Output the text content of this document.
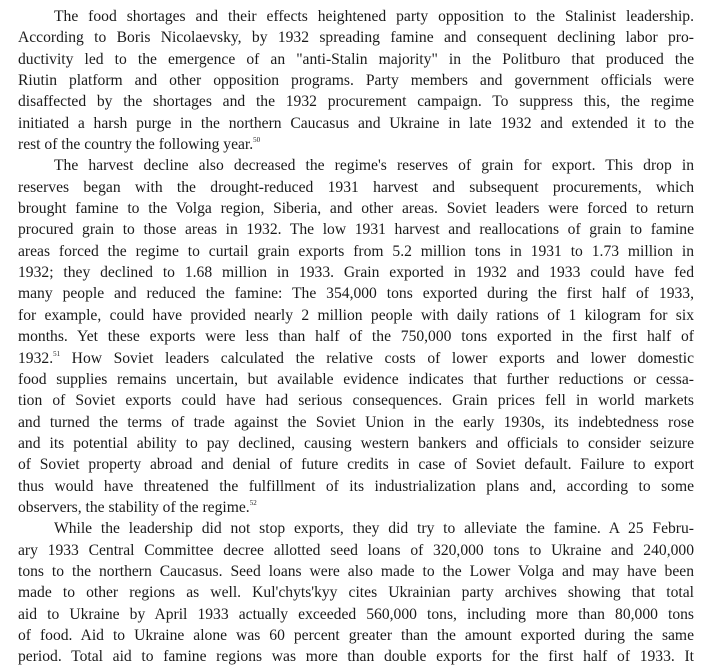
The food shortages and their effects heightened party opposition to the Stalinist leadership.
According to Boris Nicolaevsky, by 1932 spreading famine and consequent declining labor pro-
ductivity led to the emergence of an "anti-Stalin majority" in the Politburo that produced the
Riutin platform and other opposition programs. Party members and government officials were
disaffected by the shortages and the 1932 procurement campaign. To suppress this, the regime
initiated a harsh purge in the northern Caucasus and Ukraine in late 1932 and extended it to the
rest of the country the following year.$^{50}$
The harvest decline also decreased the regime's reserves of grain for export. This drop in
reserves began with the drought-reduced 1931 harvest and subsequent procurements, which
brought famine to the Volga region, Siberia, and other areas. Soviet leaders were forced to return
procured grain to those areas in 1932. The low 1931 harvest and reallocations of grain to famine
areas forced the regime to curtail grain exports from 5.2 million tons in 1931 to 1.73 million in
1932; they declined to 1.68 million in 1933. Grain exported in 1932 and 1933 could have fed
many people and reduced the famine: The 354,000 tons exported during the first half of 1933,
for example, could have provided nearly 2 million people with daily rations of 1 kilogram for six
months. Yet these exports were less than half of the 750,000 tons exported in the first half of
1932.51 How Soviet leaders calculated the relative costs of lower exports and lower domestic
food supplies remains uncertain, but available evidence indicates that further reductions or cessa-
tion of Soviet exports could have had serious consequences. Grain prices fell in world markets
and turned the terms of trade against the Soviet Union in the early 1930s, its indebtedness rose
and its potential ability to pay declined, causing western bankers and officials to consider seizure
of Soviet property abroad and denial of future credits in case of Soviet default. Failure to export
thus would have threatened the fulfillment of its industrialization plans and, according to some
observers, the stability of the regime.$^{52}$
While the leadership did not stop exports, they did try to alleviate the famine. A 25 Febru-
ary 1933 Central Committee decree allotted seed loans of 320,000 tons to Ukraine and 240,000
tons to the northern Caucasus. Seed loans were also made to the Lower Volga and may have been
made to other regions as well. Kul'chyts'kyy cites Ukrainian party archives showing that total
aid to Ukraine by April 1933 actually exceeded 560,000 tons, including more than 80,000 tons
of food. Aid to Ukraine alone was 60 percent greater than the amount exported during the same
period. Total aid to famine regions was more than double exports for the first half of 1933. It
